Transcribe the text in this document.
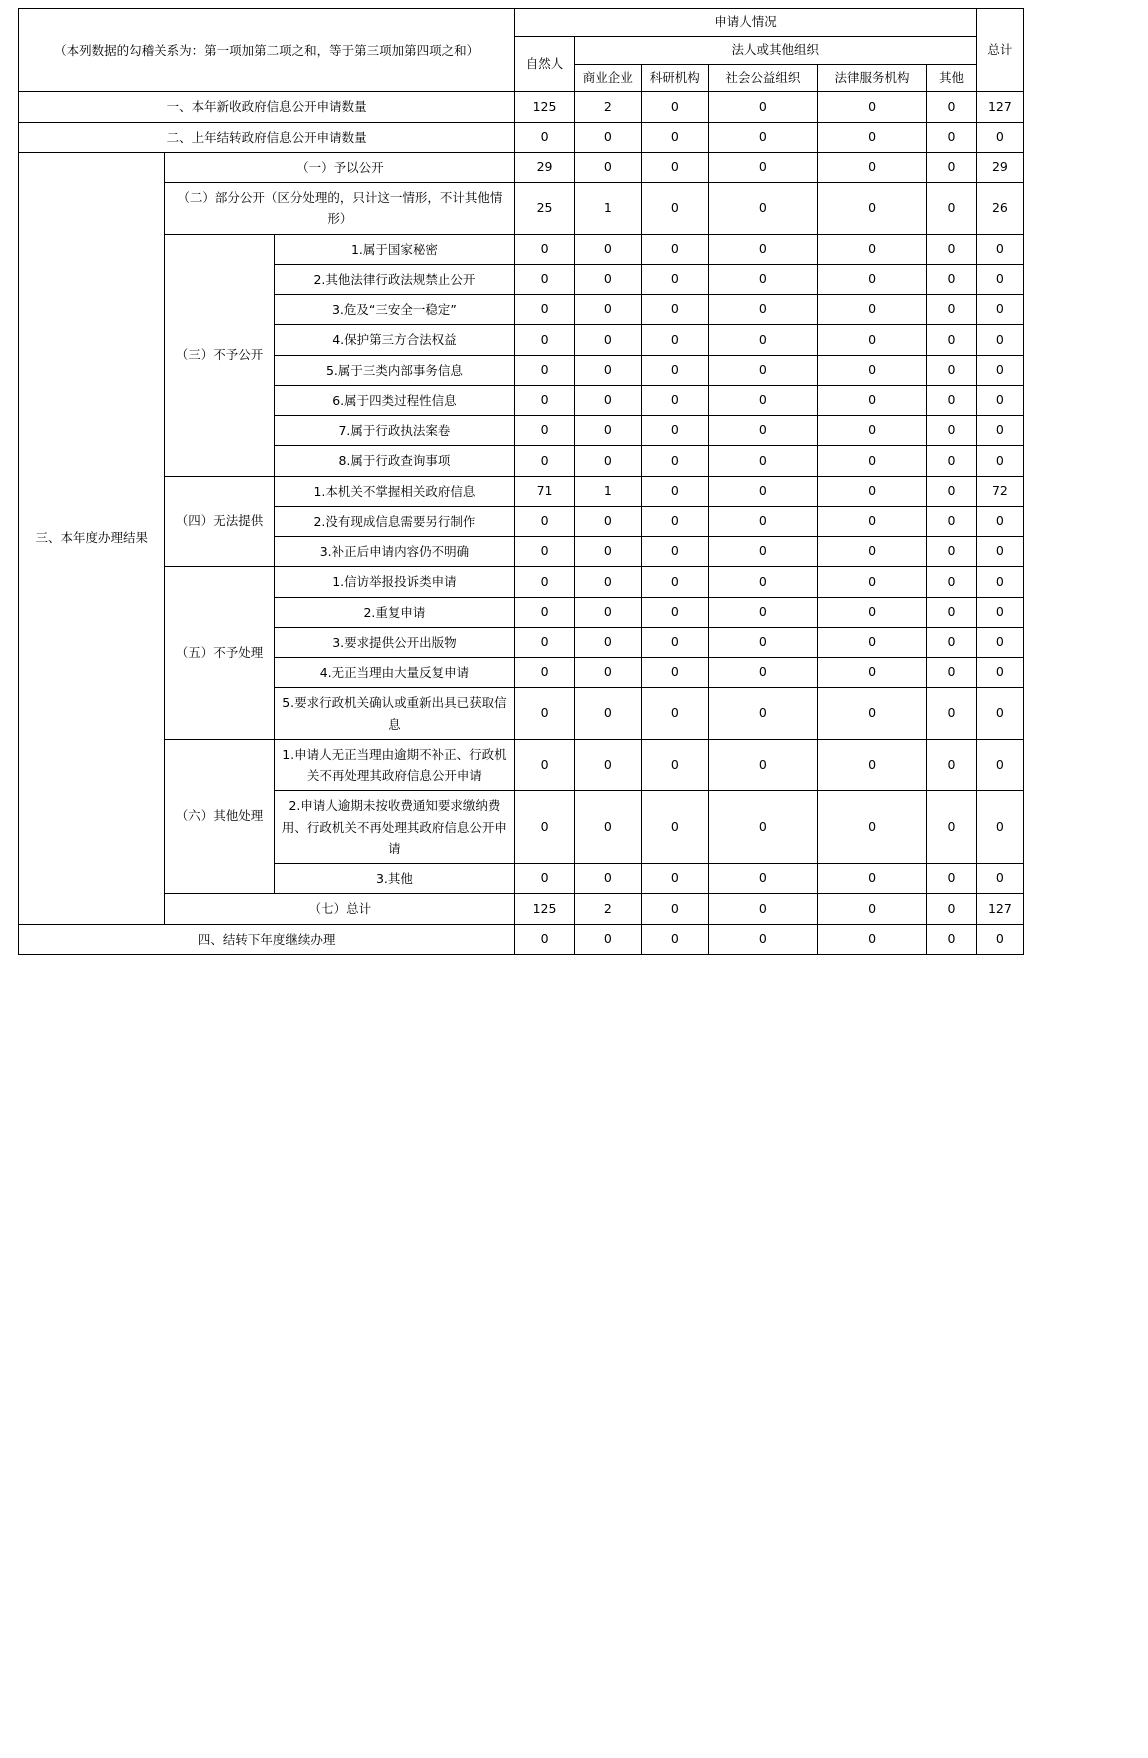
（本列数据的勾稽关系为：第一项加第二项之和，等于第三项加第四项之和）			申请人情况						总计
			自然人	法人或其他组织					
				商业企业	科研机构	社会公益组织	法律服务机构	其他	
一、本年新收政府信息公开申请数量			125	2	0	0	0	0	127
二、上年结转政府信息公开申请数量			0	0	0	0	0	0	0
三、本年度办理结果	（一）予以公开		29	0	0	0	0	0	29
	（二）部分公开（区分处理的，只计这一情形，不计其他情形）		25	1	0	0	0	0	26
	（三）不予公开	1.属于国家秘密	0	0	0	0	0	0	0
		2.其他法律行政法规禁止公开	0	0	0	0	0	0	0
		3.危及“三安全一稳定”	0	0	0	0	0	0	0
		4.保护第三方合法权益	0	0	0	0	0	0	0
		5.属于三类内部事务信息	0	0	0	0	0	0	0
		6.属于四类过程性信息	0	0	0	0	0	0	0
		7.属于行政执法案卷	0	0	0	0	0	0	0
		8.属于行政查询事项	0	0	0	0	0	0	0
	（四）无法提供	1.本机关不掌握相关政府信息	71	1	0	0	0	0	72
		2.没有现成信息需要另行制作	0	0	0	0	0	0	0
		3.补正后申请内容仍不明确	0	0	0	0	0	0	0
	（五）不予处理	1.信访举报投诉类申请	0	0	0	0	0	0	0
		2.重复申请	0	0	0	0	0	0	0
		3.要求提供公开出版物	0	0	0	0	0	0	0
		4.无正当理由大量反复申请	0	0	0	0	0	0	0
		5.要求行政机关确认或重新出具已获取信息	0	0	0	0	0	0	0
	（六）其他处理	1.申请人无正当理由逾期不补正、行政机关不再处理其政府信息公开申请	0	0	0	0	0	0	0
		2.申请人逾期未按收费通知要求缴纳费用、行政机关不再处理其政府信息公开申请	0	0	0	0	0	0	0
		3.其他	0	0	0	0	0	0	0
	（七）总计		125	2	0	0	0	0	127
四、结转下年度继续办理			0	0	0	0	0	0	0
